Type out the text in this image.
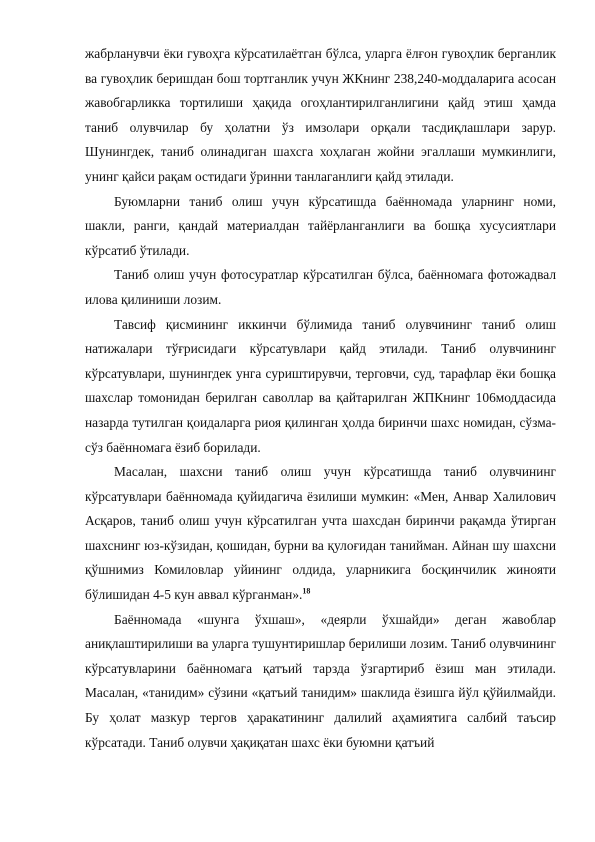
жабрланувчи ёки гувоҳга кўрсатилаётган бўлса, уларга ёлғон гувоҳлик берганлик ва гувоҳлик беришдан бош тортганлик учун ЖКнинг 238,240-моддаларига асосан жавобгарликка тортилиши ҳақида огоҳлантирилганлигини қайд этиш ҳамда таниб олувчилар бу ҳолатни ўз имзолари орқали тасдиқлашлари зарур. Шунингдек, таниб олинадиган шахсга хоҳлаган жойни эгаллаши мумкинлиги, унинг қайси рақам остидаги ўринни танлаганлиги қайд этилади.

Буюмларни таниб олиш учун кўрсатишда баённомада уларнинг номи, шакли, ранги, қандай материалдан тайёрланганлиги ва бошқа хусусиятлари кўрсатиб ўтилади.

Таниб олиш учун фотосуратлар кўрсатилган бўлса, баённомага фотожадвал илова қилиниши лозим.

Тавсиф қисмининг иккинчи бўлимида таниб олувчининг таниб олиш натижалари тўғрисидаги кўрсатувлари қайд этилади. Таниб олувчининг кўрсатувлари, шунингдек унга суриштирувчи, терговчи, суд, тарафлар ёки бошқа шахслар томонидан берилган саволлар ва қайтарилган ЖПКнинг 106моддасида назарда тутилган қоидаларга риоя қилинган ҳолда биринчи шахс номидан, сўзма-сўз баённомага ёзиб борилади.

Масалан, шахсни таниб олиш учун кўрсатишда таниб олувчининг кўрсатувлари баённомада қуйидагича ёзилиши мумкин: «Мен, Анвар Халилович Асқаров, таниб олиш учун кўрсатилган учта шахсдан биринчи рақамда ўтирган шахснинг юз-кўзидан, қошидан, бурни ва қулоғидан танийман. Айнан шу шахсни қўшнимиз Комиловлар уйининг олдида, уларникига босқинчилик жинояти бўлишидан 4-5 кун аввал кўрганман».$^{18}$

Баённомада «шунга ўхшаш», «деярли ўхшайди» деган жавоблар аниқлаштирилиши ва уларга тушунтиришлар берилиши лозим. Таниб олувчининг кўрсатувларини баённомага қатъий тарзда ўзгартириб ёзиш ман этилади. Масалан, «танидим» сўзини «қатъий танидим» шаклида ёзишга йўл қўйилмайди. Бу ҳолат мазкур тергов ҳаракатининг далилий аҳамиятига салбий таъсир кўрсатади. Таниб олувчи ҳақиқатан шахс ёки буюмни қатъий
